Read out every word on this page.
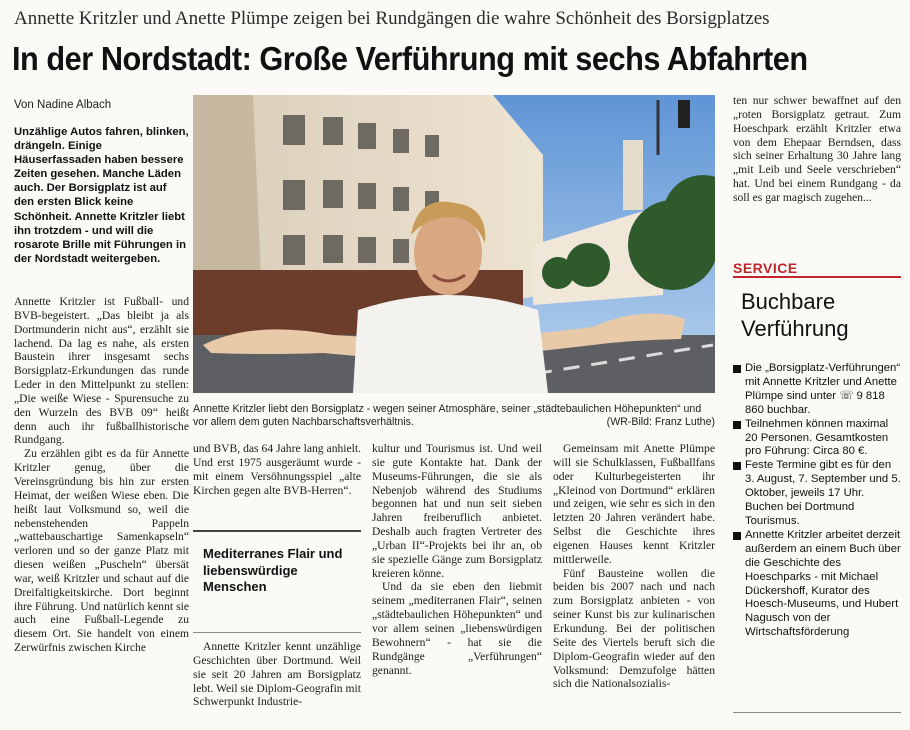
Annette Kritzler und Anette Plümpe zeigen bei Rundgängen die wahre Schönheit des Borsigplatzes
In der Nordstadt: Große Verführung mit sechs Abfahrten
Von Nadine Albach
Unzählige Autos fahren, blinken, drängeln. Einige Häuserfassaden haben bessere Zeiten gesehen. Manche Läden auch. Der Borsigplatz ist auf den ersten Blick keine Schönheit. Annette Kritzler liebt ihn trotzdem - und will die rosarote Brille mit Führungen in der Nordstadt weitergeben.

Annette Kritzler ist Fußball- und BVB-begeistert. „Das bleibt ja als Dortmunderin nicht aus“, erzählt sie lachend. Da lag es nahe, als ersten Baustein ihrer insgesamt sechs Borsigplatz-Erkundungen das runde Leder in den Mittelpunkt zu stellen: „Die weiße Wiese - Spurensuche zu den Wurzeln des BVB 09“ heißt denn auch ihr fußballhistorische Rundgang.

Zu erzählen gibt es da für Annette Kritzler genug, über die Vereinsgründung bis hin zur ersten Heimat, der weißen Wiese eben. Die heißt laut Volksmund so, weil die nebenstehenden Pappeln „wattebauschartige Samenkapseln“ verloren und so der ganze Platz mit diesen weißen „Puscheln“ übersät war, weiß Kritzler und schaut auf die Dreifaltigkeitskirche. Dort beginnt ihre Führung. Und natürlich kennt sie auch eine Fußball-Legende zu diesem Ort. Sie handelt von einem Zerwürfnis zwischen Kirche

Annette Kritzler liebt den Borsigplatz - wegen seiner Atmosphäre, seiner „städtebaulichen Höhepunkten“ und vor allem dem guten Nachbarschaftsverhältnis.	(WR-Bild: Franz Luthe)

und BVB, das 64 Jahre lang anhielt. Und erst 1975 ausgeräumt wurde - mit einem Versöhnungsspiel „alte Kirchen gegen alte BVB-Herren“.

Mediterranes Flair und liebenswürdige Menschen

Annette Kritzler kennt unzählige Geschichten über Dortmund. Weil sie seit 20 Jahren am Borsigplatz lebt. Weil sie Diplom-Geografin mit Schwerpunkt Industrie-

kultur und Tourismus ist. Und weil sie gute Kontakte hat. Dank der Museums-Führungen, die sie als Nebenjob während des Studiums begonnen hat und nun seit sieben Jahren freiberuflich anbietet. Deshalb auch fragten Vertreter des „Urban II“-Projekts bei ihr an, ob sie spezielle Gänge zum Borsigplatz kreieren könne.

Und da sie eben den liebmit seinem „mediterranen Flair“, seinen „städtebaulichen Höhepunkten“ und vor allem seinen „liebenswürdigen Bewohnern“ - hat sie die Rundgänge „Verführungen“ genannt.

Gemeinsam mit Anette Plümpe will sie Schulklassen, Fußballfans oder Kulturbegeisterten ihr „Kleinod von Dortmund“ erklären und zeigen, wie sehr es sich in den letzten 20 Jahren verändert habe. Selbst die Geschichte ihres eigenen Hauses kennt Kritzler mittlerweile.

Fünf Bausteine wollen die beiden bis 2007 nach und nach zum Borsigplatz anbieten - von seiner Kunst bis zur kulinarischen Erkundung. Bei der politischen Seite des Viertels beruft sich die Diplom-Geografin wieder auf den Volksmund: Demzufolge hätten sich die Nationalsozialis-

ten nur schwer bewaffnet auf den „roten Borsigplatz getraut. Zum Hoeschpark erzählt Kritzler etwa von dem Ehepaar Berndsen, dass sich seiner Erhaltung 30 Jahre lang „mit Leib und Seele verschrieben“ hat. Und bei einem Rundgang - da soll es gar magisch zugehen...

SERVICE
Buchbare Verführung
Die „Borsigplatz-Verführungen“ mit Annette Kritzler und Anette Plümpe sind unter ☏ 9 818 860 buchbar.
Teilnehmen können maximal 20 Personen. Gesamtkosten pro Führung: Circa 80 €.
Feste Termine gibt es für den 3. August, 7. September und 5. Oktober, jeweils 17 Uhr. Buchen bei Dortmund Tourismus.
Annette Kritzler arbeitet derzeit außerdem an einem Buch über die Geschichte des Hoeschparks - mit Michael Dückershoff, Kurator des Hoesch-Museums, und Hubert Nagusch von der Wirtschaftsförderung
